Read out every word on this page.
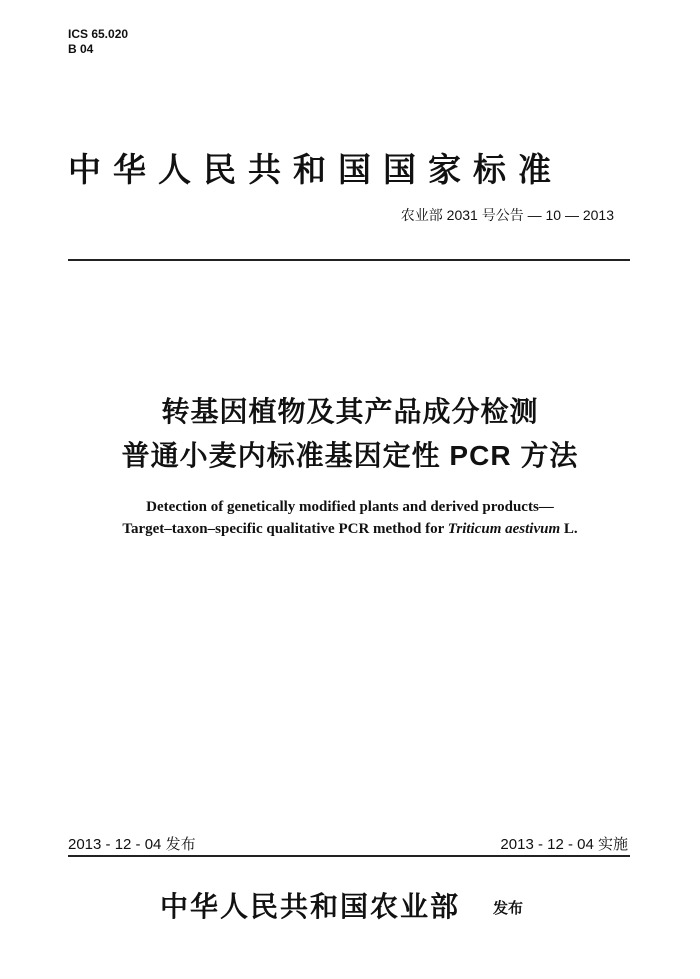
ICS 65.020
B 04
中华人民共和国国家标准
农业部 2031 号公告 — 10 — 2013
转基因植物及其产品成分检测
普通小麦内标准基因定性 PCR 方法
Detection of genetically modified plants and derived products—
Target–taxon–specific qualitative PCR method for Triticum aestivum L.
2013 - 12 - 04 发布	2013 - 12 - 04 实施
中华人民共和国农业部 发布
